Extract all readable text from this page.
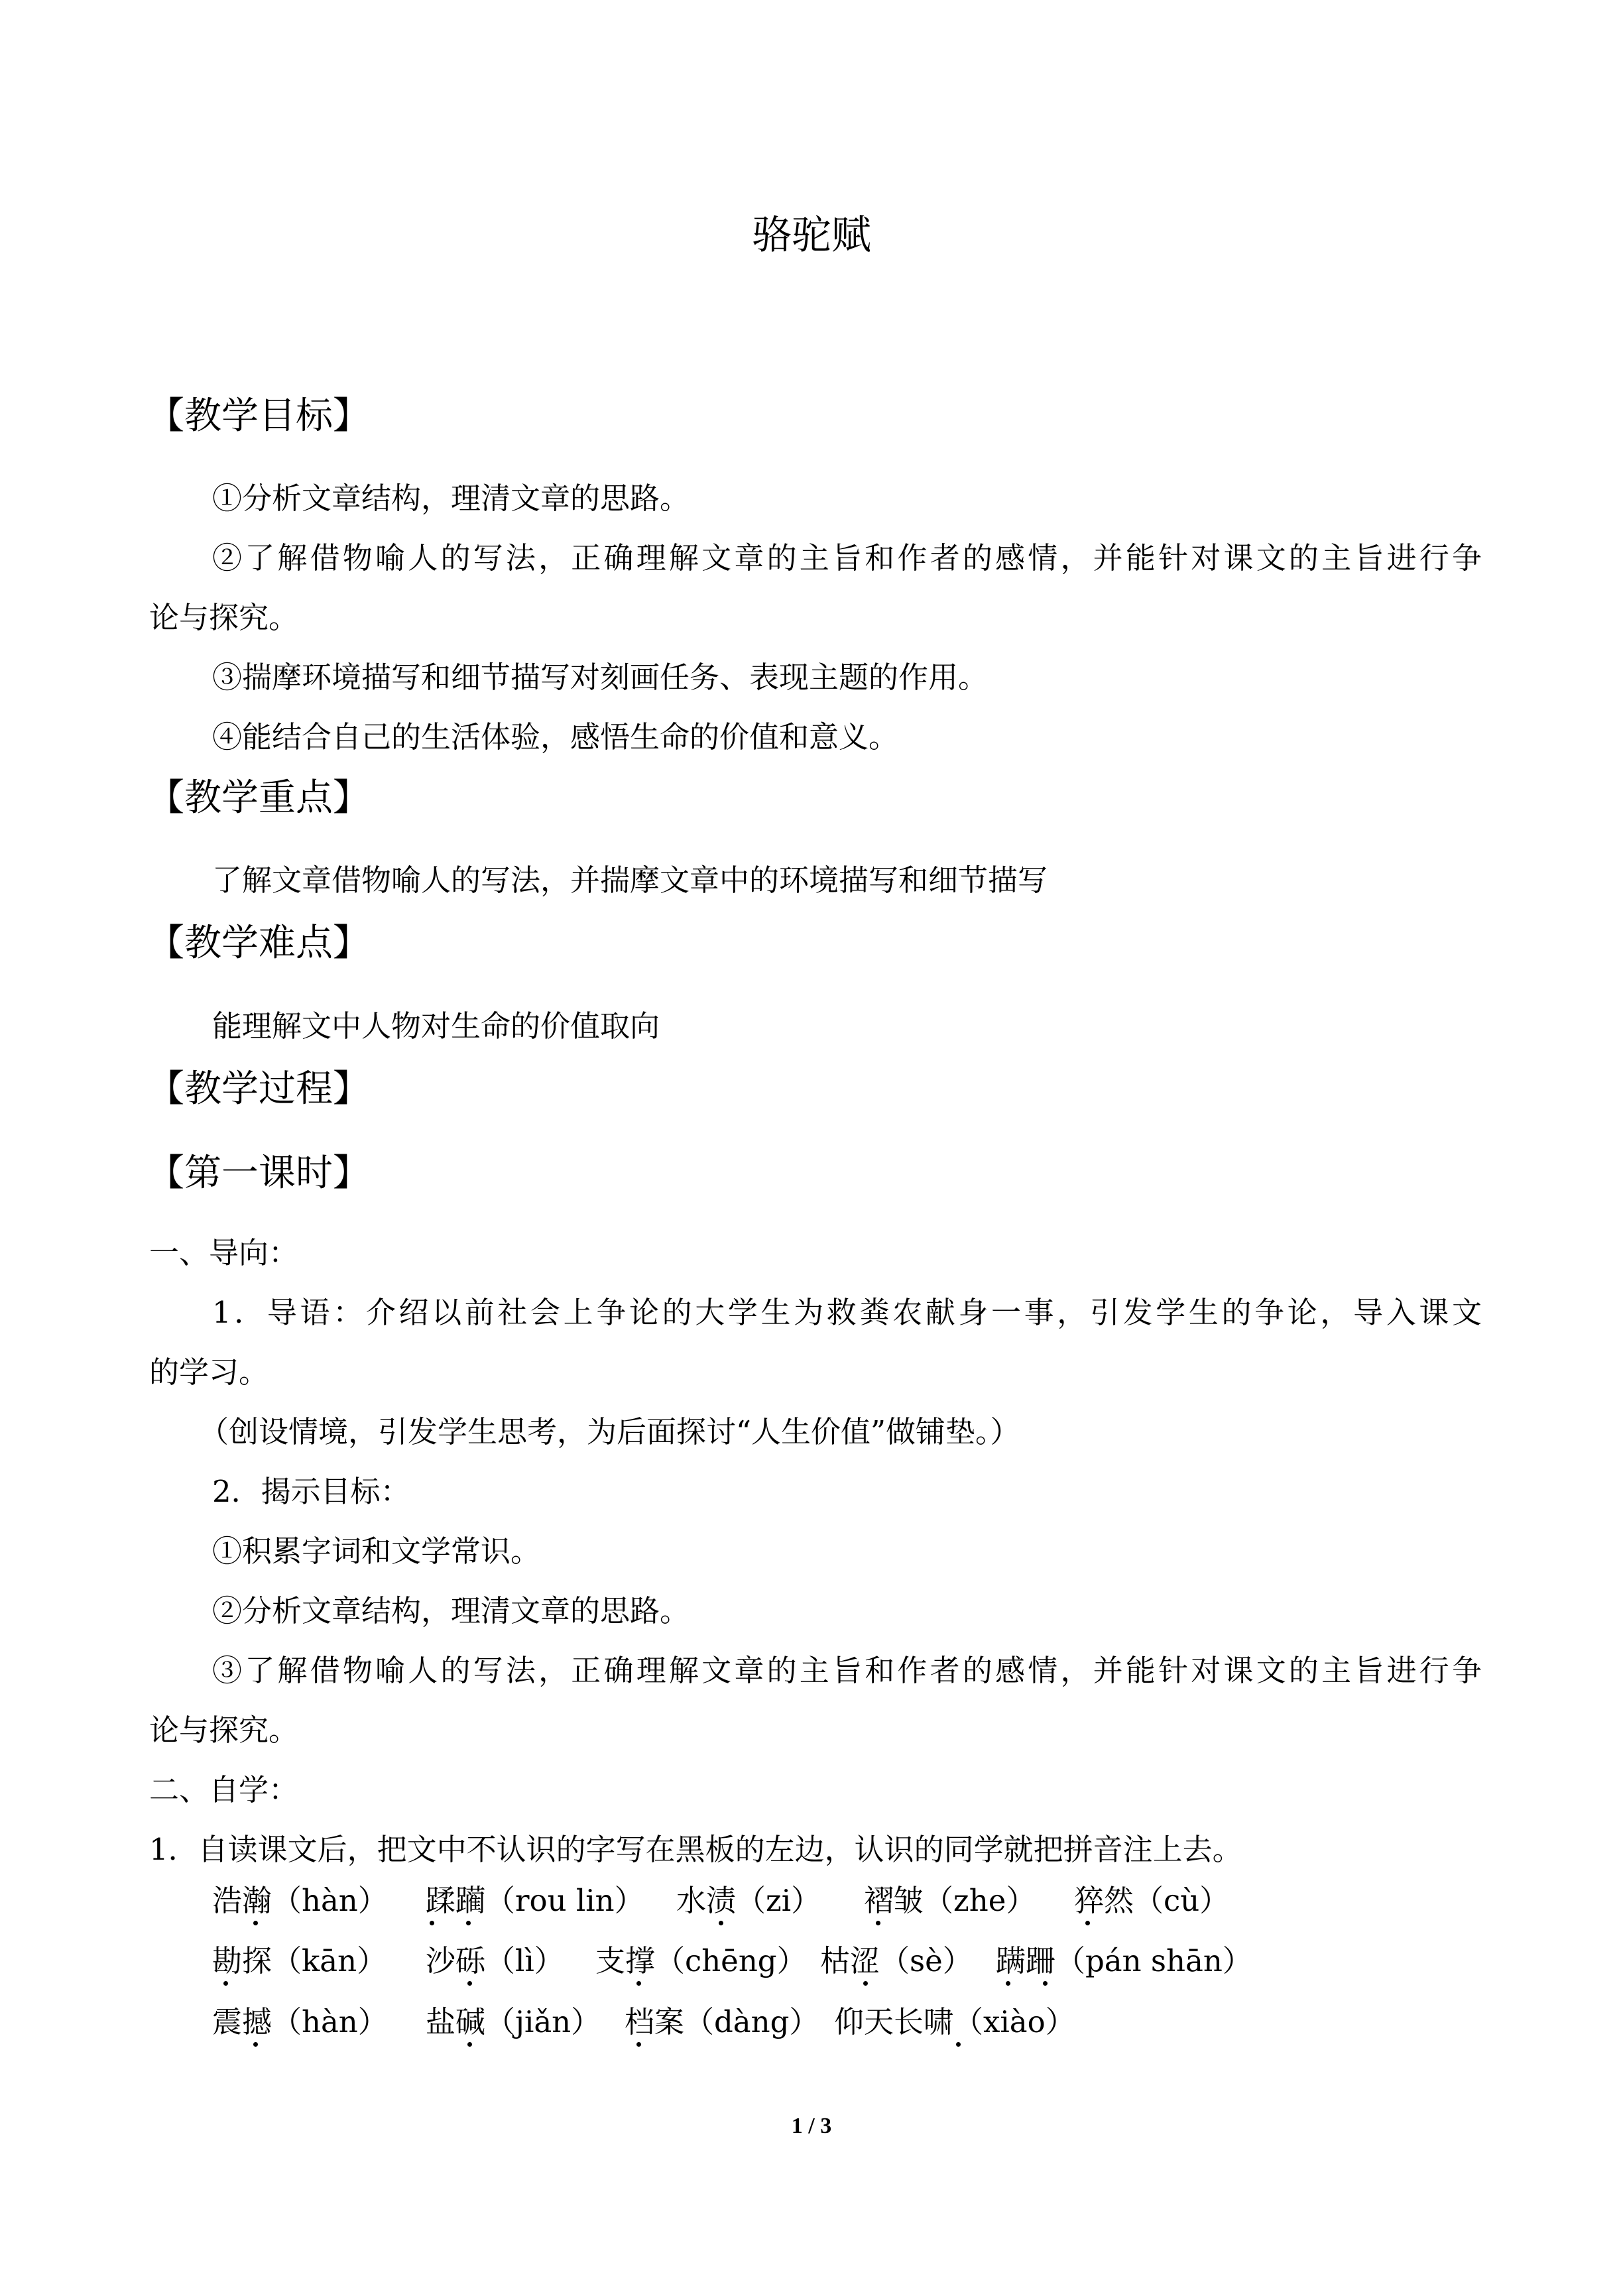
骆驼赋
【教学目标】
①分析文章结构，理清文章的思路。
②了解借物喻人的写法，正确理解文章的主旨和作者的感情，并能针对课文的主旨进行争
论与探究。
③揣摩环境描写和细节描写对刻画任务、表现主题的作用。
④能结合自己的生活体验，感悟生命的价值和意义。
【教学重点】
了解文章借物喻人的写法，并揣摩文章中的环境描写和细节描写
【教学难点】
能理解文中人物对生命的价值取向
【教学过程】
【第一课时】
一、导向：
1．导语：介绍以前社会上争论的大学生为救粪农献身一事，引发学生的争论，导入课文
的学习。
（创设情境，引发学生思考，为后面探讨“人生价值”做铺垫。）
2．揭示目标：
①积累字词和文学常识。
②分析文章结构，理清文章的思路。
③了解借物喻人的写法，正确理解文章的主旨和作者的感情，并能针对课文的主旨进行争
论与探究。
二、自学：
1．自读课文后，把文中不认识的字写在黑板的左边，认识的同学就把拼音注上去。
浩瀚（hàn） 蹂躏（rou lin） 水渍（zi） 褶皱（zhe） 猝然（cù）
勘探（kān） 沙砾（lì） 支撑（chēng） 枯涩（sè） 蹒跚（pán shān）
震撼（hàn） 盐碱（jiǎn） 档案（dàng） 仰天长啸（xiào）
1 / 3
